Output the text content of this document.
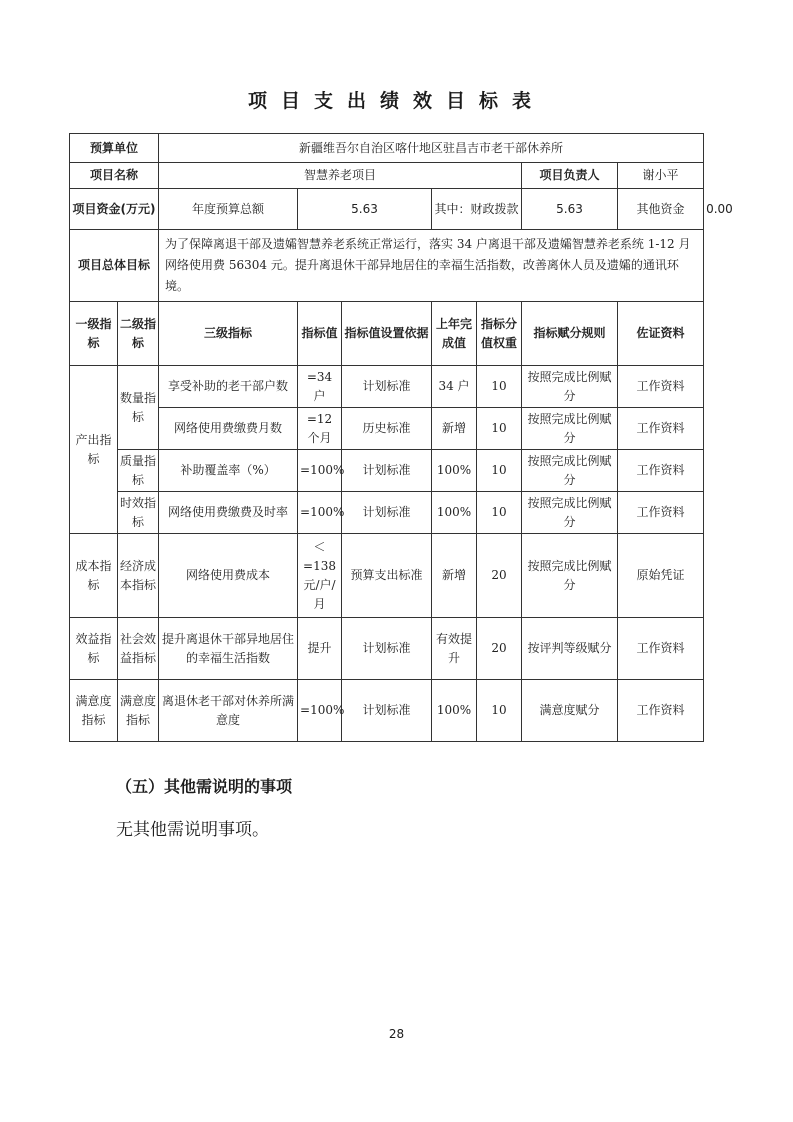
项目支出绩效目标表
预算单位		新疆维吾尔自治区喀什地区驻昌吉市老干部休养所							
项目名称		智慧养老项目					项目负责人	谢小平	
项目资金(万元)		年度预算总额	5.63		其中：财政拨款		5.63	其他资金	0.00
项目总体目标		为了保障离退干部及遗孀智慧养老系统正常运行，落实 34 户离退干部及遗孀智慧养老系统 1-12 月网络使用费 56304 元。提升离退休干部异地居住的幸福生活指数，改善离休人员及遗孀的通讯环境。							
一级指标	二级指标	三级指标	指标值	指标值设置依据	上年完成值	指标分值权重	指标赋分规则	佐证资料	
产出指标	数量指标	享受补助的老干部户数	=34 户	计划标准	34 户	10	按照完成比例赋分	工作资料	
		网络使用费缴费月数	=12 个月	历史标准	新增	10	按照完成比例赋分	工作资料	
	质量指标	补助覆盖率（%）	=100%	计划标准	100%	10	按照完成比例赋分	工作资料	
	时效指标	网络使用费缴费及时率	=100%	计划标准	100%	10	按照完成比例赋分	工作资料	
成本指标	经济成本指标	网络使用费成本	＜=138 元/户/月	预算支出标准	新增	20	按照完成比例赋分	原始凭证	
效益指标	社会效益指标	提升离退休干部异地居住的幸福生活指数	提升	计划标准	有效提升	20	按评判等级赋分	工作资料	
满意度指标	满意度指标	离退休老干部对休养所满意度	=100%	计划标准	100%	10	满意度赋分	工作资料	
（五）其他需说明的事项
无其他需说明事项。
28
